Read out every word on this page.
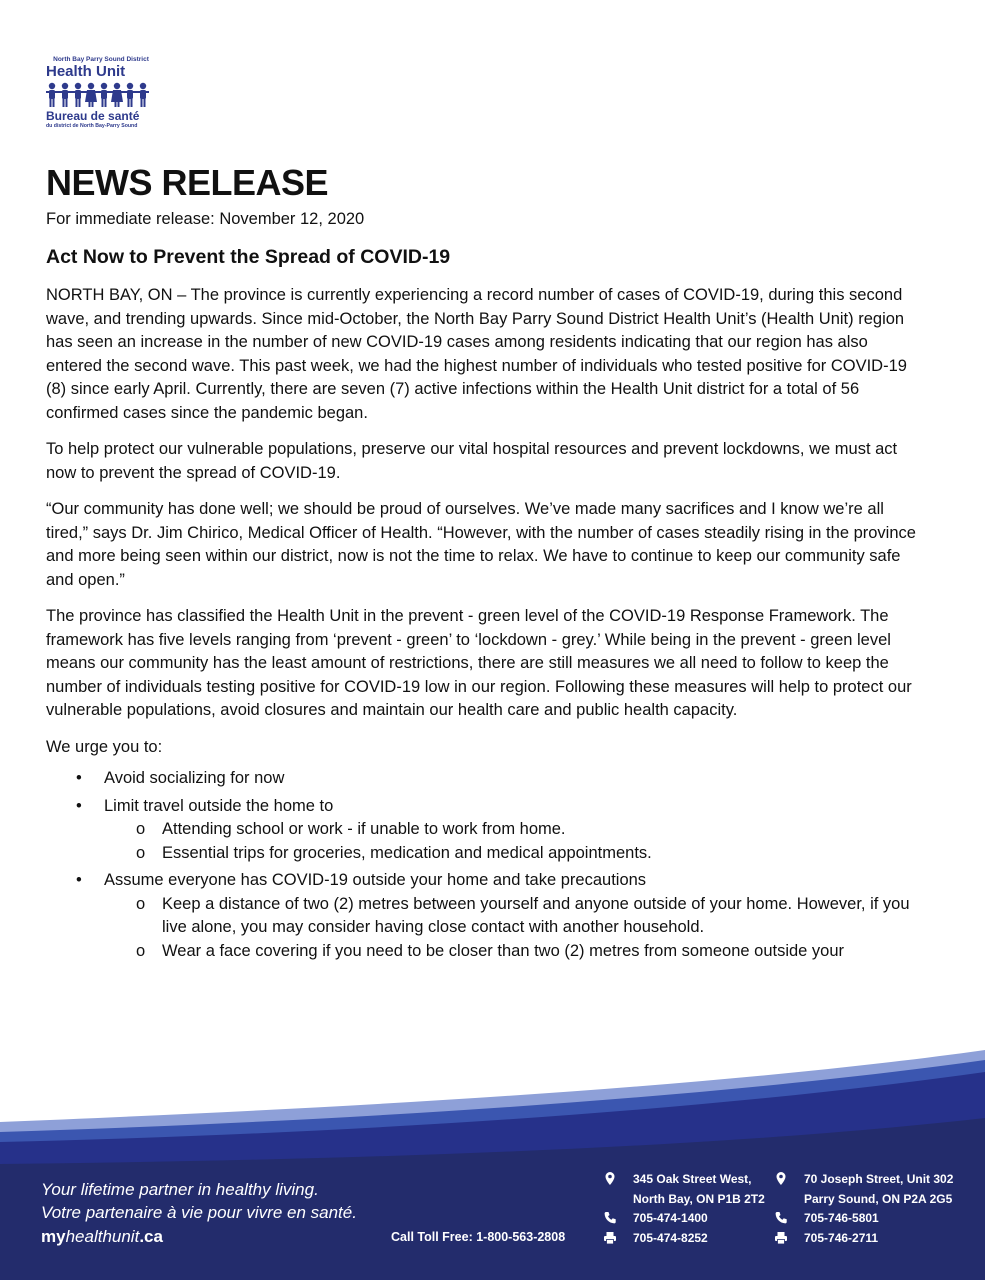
North Bay Parry Sound District
Health Unit
Bureau de santé
du district de North Bay-Parry Sound
NEWS RELEASE
For immediate release: November 12, 2020
Act Now to Prevent the Spread of COVID-19

NORTH BAY, ON – The province is currently experiencing a record number of cases of COVID-19, during this second wave, and trending upwards. Since mid-October, the North Bay Parry Sound District Health Unit’s (Health Unit) region has seen an increase in the number of new COVID-19 cases among residents indicating that our region has also entered the second wave. This past week, we had the highest number of individuals who tested positive for COVID-19 (8) since early April. Currently, there are seven (7) active infections within the Health Unit district for a total of 56 confirmed cases since the pandemic began.

To help protect our vulnerable populations, preserve our vital hospital resources and prevent lockdowns, we must act now to prevent the spread of COVID-19.

“Our community has done well; we should be proud of ourselves. We’ve made many sacrifices and I know we’re all tired,” says Dr. Jim Chirico, Medical Officer of Health. “However, with the number of cases steadily rising in the province and more being seen within our district, now is not the time to relax. We have to continue to keep our community safe and open.”

The province has classified the Health Unit in the prevent - green level of the COVID-19 Response Framework. The framework has five levels ranging from ‘prevent - green’ to ‘lockdown - grey.’ While being in the prevent - green level means our community has the least amount of restrictions, there are still measures we all need to follow to keep the number of individuals testing positive for COVID-19 low in our region. Following these measures will help to protect our vulnerable populations, avoid closures and maintain our health care and public health capacity.

We urge you to:

• Avoid socializing for now
• Limit travel outside the home to
o Attending school or work - if unable to work from home.
o Essential trips for groceries, medication and medical appointments.
• Assume everyone has COVID-19 outside your home and take precautions
o Keep a distance of two (2) metres between yourself and anyone outside of your home. However, if you live alone, you may consider having close contact with another household.
o Wear a face covering if you need to be closer than two (2) metres from someone outside your
Your lifetime partner in healthy living.
Votre partenaire à vie pour vivre en santé.
myhealthunit.ca	Call Toll Free: 1-800-563-2808
345 Oak Street West,
North Bay, ON P1B 2T2
705-474-1400
705-474-8252
70 Joseph Street, Unit 302
Parry Sound, ON P2A 2G5
705-746-5801
705-746-2711
